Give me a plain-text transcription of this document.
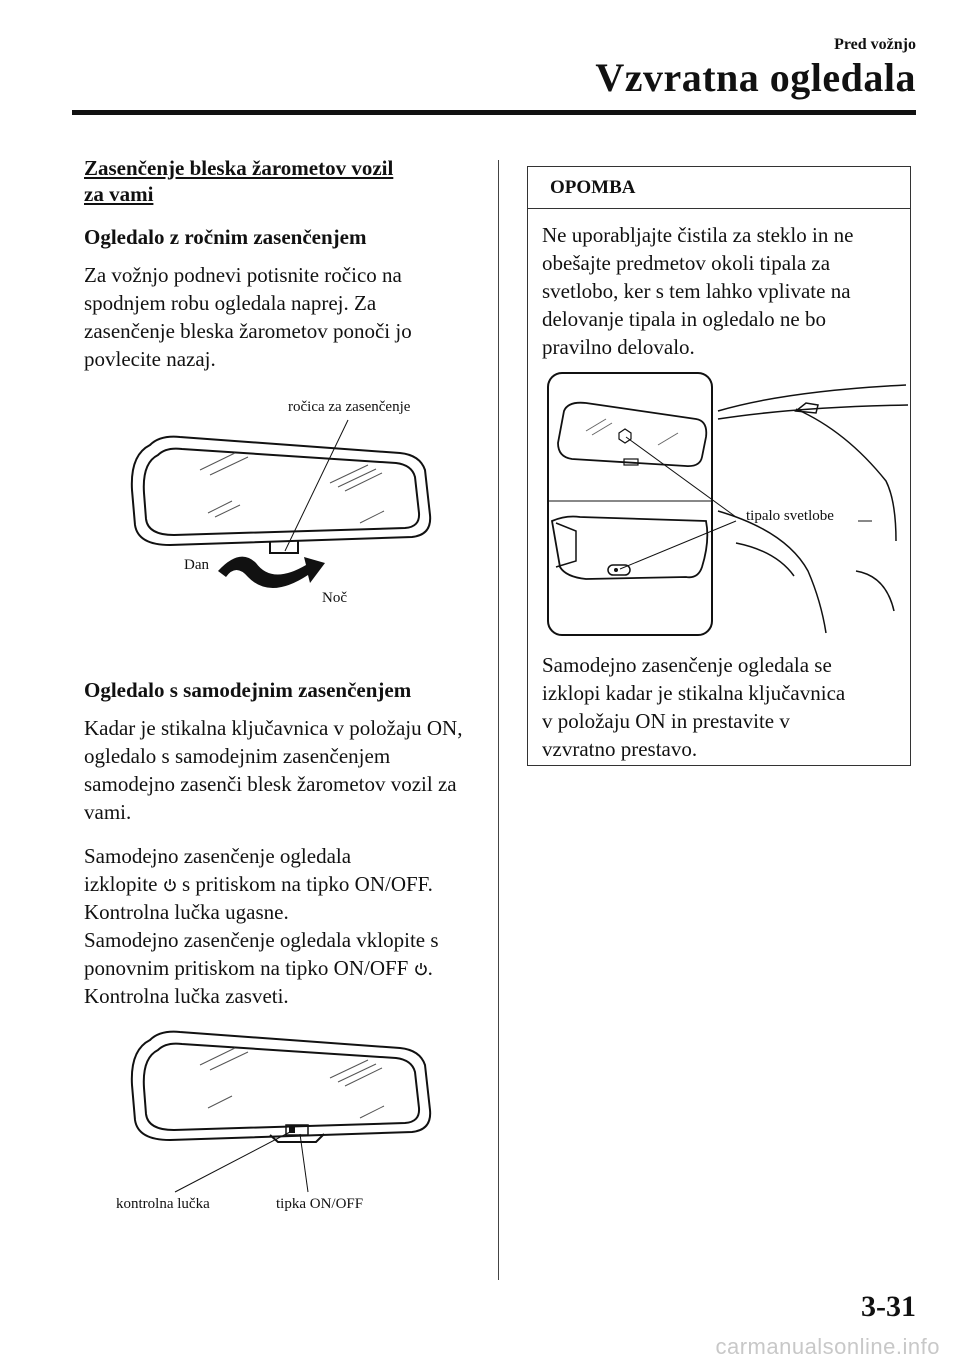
Pred vožnjo
Vzvratna ogledala
Zasenčenje bleska žarometov vozil
za vami
Ogledalo z ročnim zasenčenjem

Za vožnjo podnevi potisnite ročico na spodnjem robu ogledala naprej. Za zasenčenje bleska žarometov ponoči jo povlecite nazaj.

ročica za zasenčenje
Dan
Noč
Ogledalo s samodejnim zasenčenjem

Kadar je stikalna ključavnica v položaju ON, ogledalo s samodejnim zasenčenjem samodejno zasenči blesk žarometov vozil za vami.

Samodejno zasenčenje ogledala
izklopite s pritiskom na tipko ON/OFF.
Kontrolna lučka ugasne.
Samodejno zasenčenje ogledala vklopite s
ponovnim pritiskom na tipko ON/OFF .
Kontrolna lučka zasveti.

kontrolna lučka	tipka ON/OFF
OPOMBA

Ne uporabljajte čistila za steklo in ne obešajte predmetov okoli tipala za svetlobo, ker s tem lahko vplivate na delovanje tipala in ogledalo ne bo pravilno delovalo.

tipalo svetlobe

Samodejno zasenčenje ogledala se
izklopi kadar je stikalna ključavnica
v položaju ON in prestavite v
vzvratno prestavo.

3-31
carmanualsonline.info
